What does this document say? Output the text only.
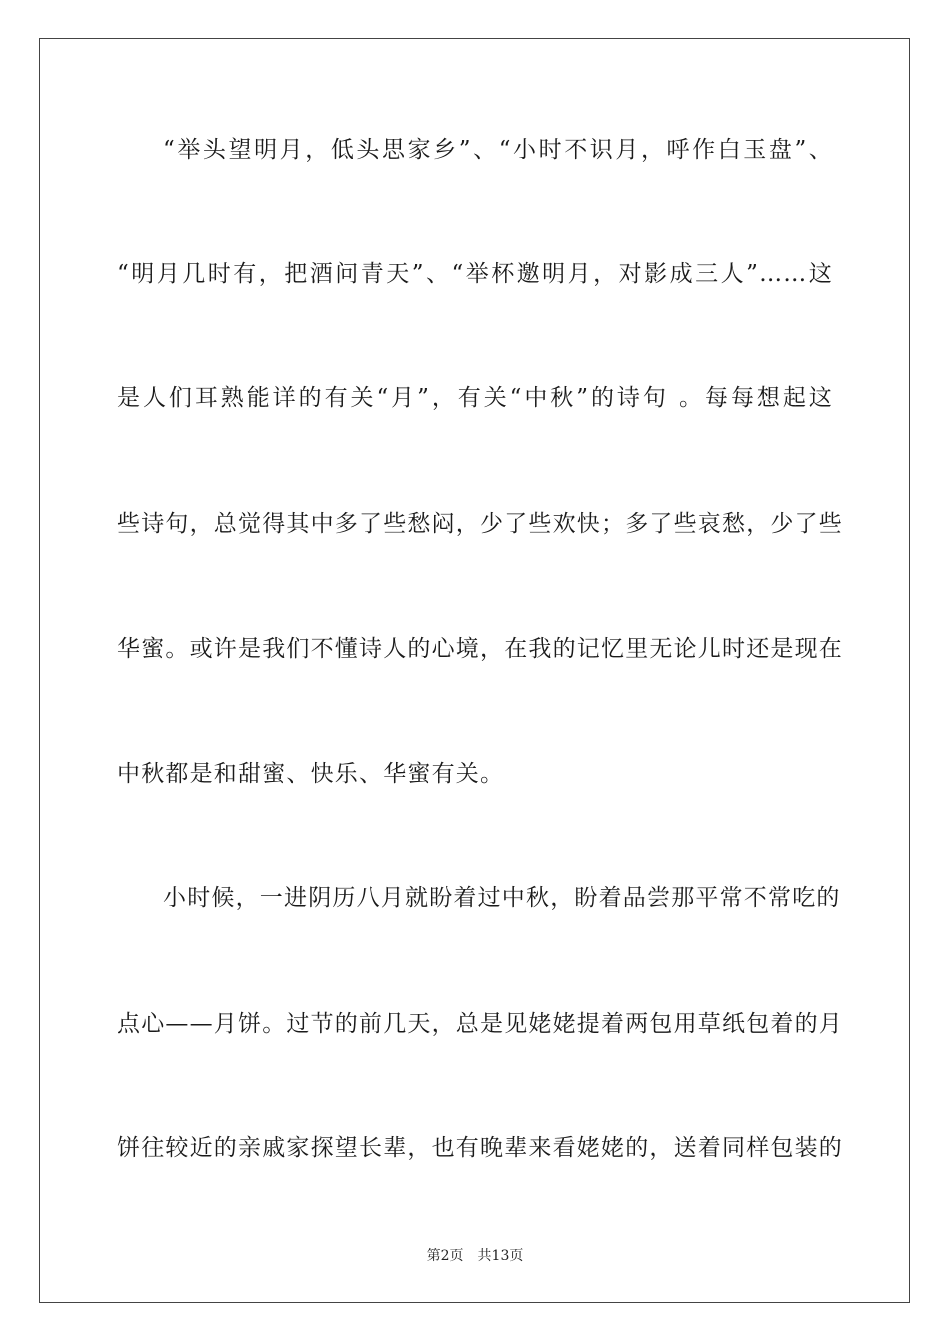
“举头望明月，低头思家乡”、“小时不识月，呼作白玉盘”、
“明月几时有，把酒问青天”、“举杯邀明月，对影成三人”……这
是人们耳熟能详的有关“月”，有关“中秋”的诗句 。每每想起这
些诗句，总觉得其中多了些愁闷，少了些欢快；多了些哀愁，少了些
华蜜。或许是我们不懂诗人的心境，在我的记忆里无论儿时还是现在
中秋都是和甜蜜、快乐、华蜜有关。
小时候，一进阴历八月就盼着过中秋，盼着品尝那平常不常吃的
点心——月饼。过节的前几天，总是见姥姥提着两包用草纸包着的月
饼往较近的亲戚家探望长辈，也有晚辈来看姥姥的，送着同样包装的
第2页 共13页
